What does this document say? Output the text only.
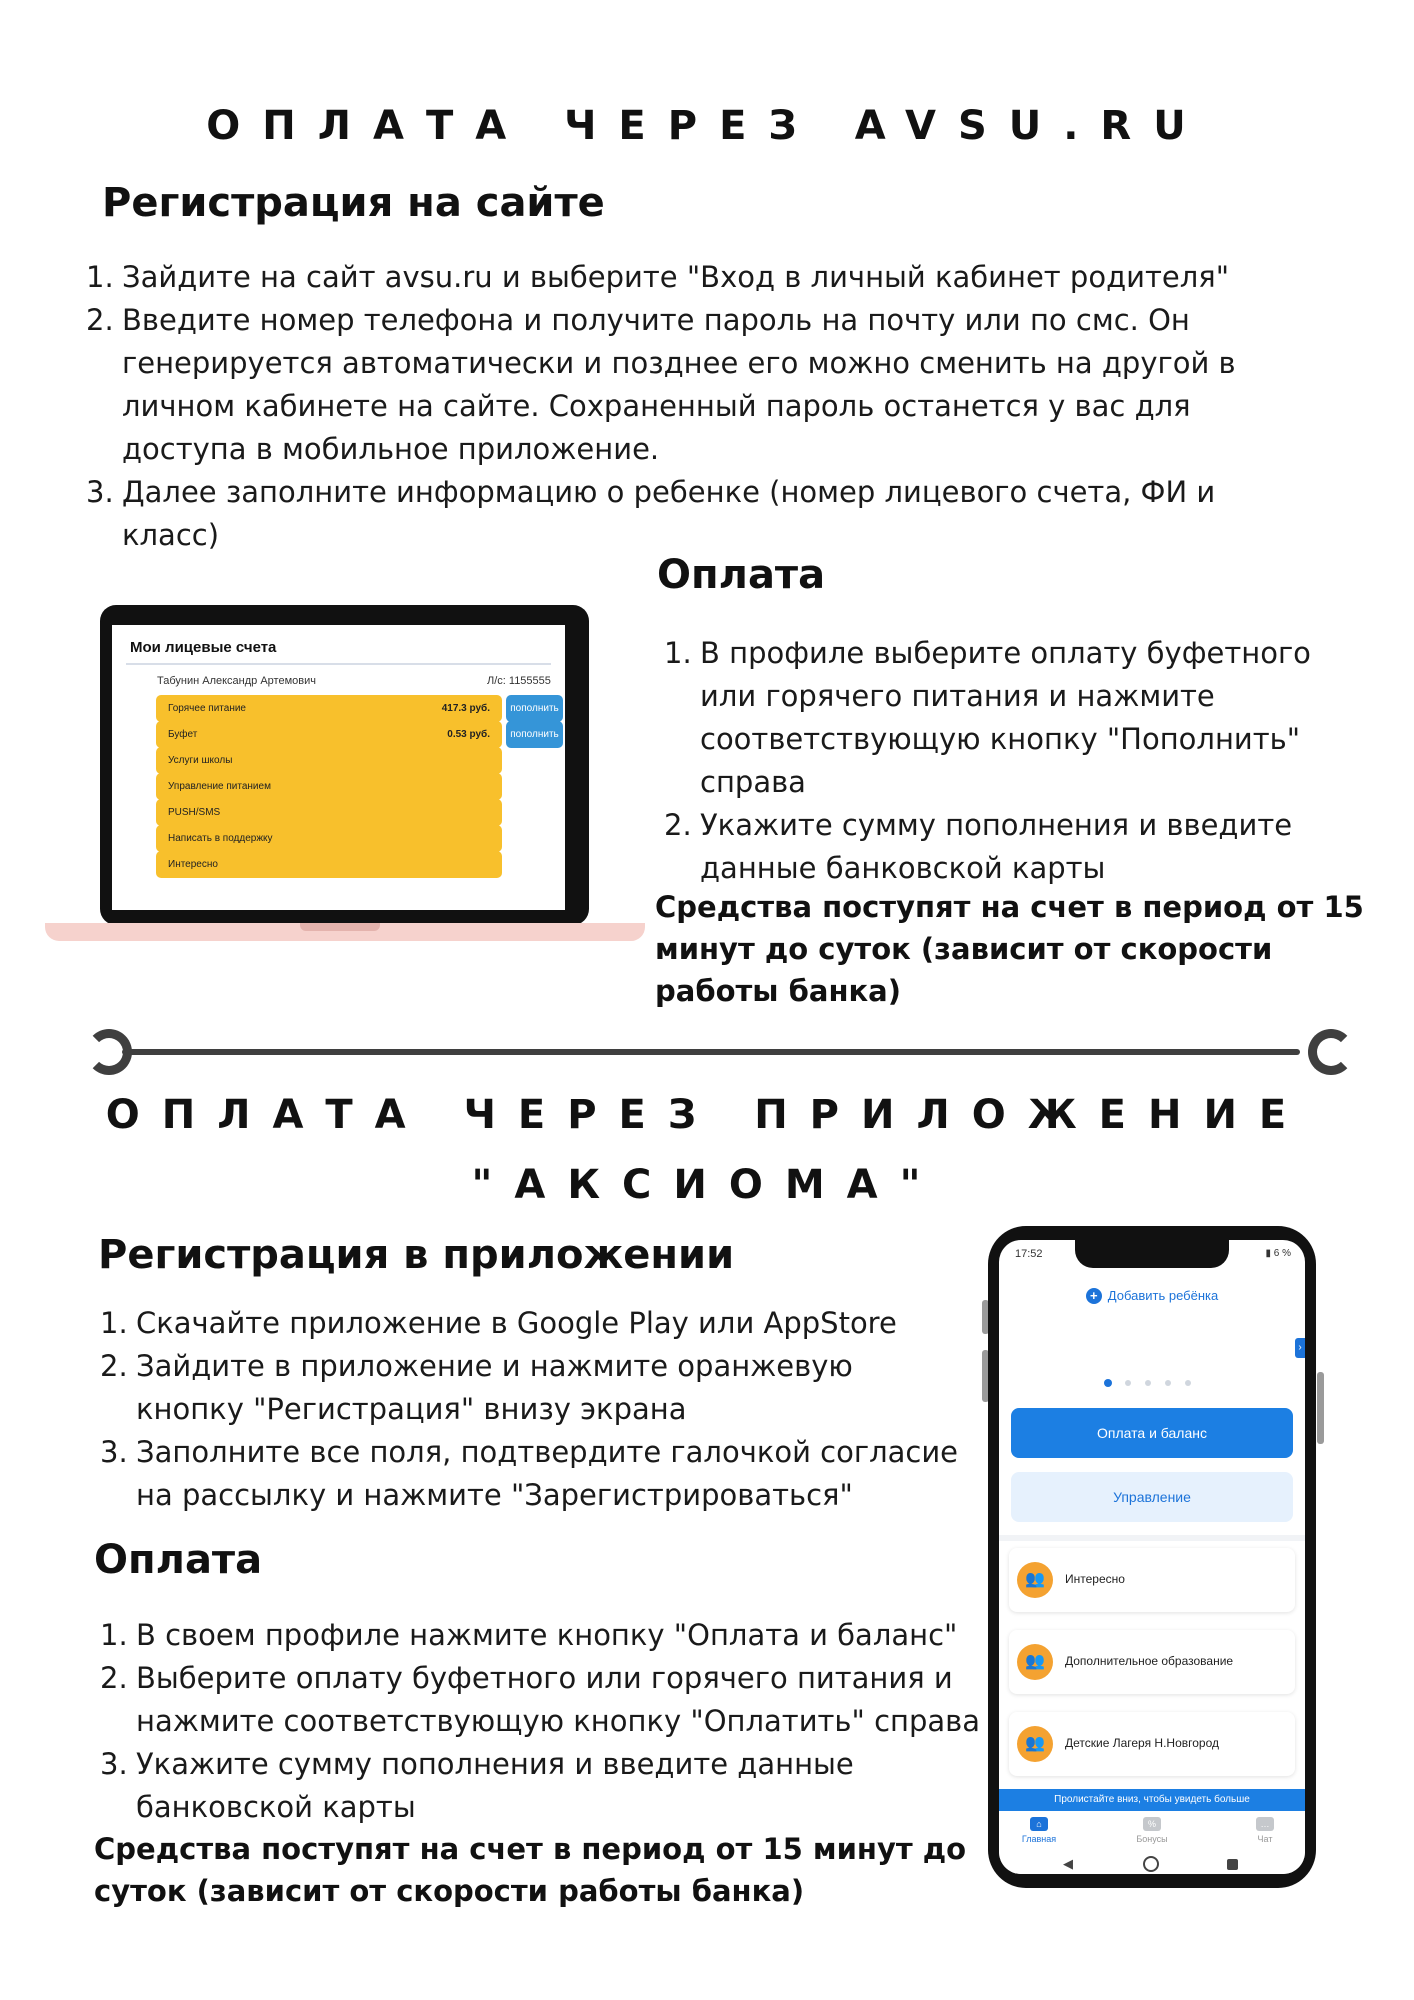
ОПЛАТА ЧЕРЕЗ AVSU.RU
Регистрация на сайте
1. Зайдите на сайт avsu.ru и выберите "Вход в личный кабинет родителя"
2. Введите номер телефона и получите пароль на почту или по смс. Он
генерируется автоматически и позднее его можно сменить на другой в
личном кабинете на сайте. Сохраненный пароль останется у вас для
доступа в мобильное приложение.
3. Далее заполните информацию о ребенке (номер лицевого счета, ФИ и
класс)
Оплата
1. В профиле выберите оплату буфетного
или горячего питания и нажмите
соответствующую кнопку "Пополнить"
справа
2. Укажите сумму пополнения и введите
данные банковской карты
Средства поступят на счет в период от 15
минут до суток (зависит от скорости
работы банка)
Мои лицевые счета
Табунин Александр Артемович	Л/с: 1155555
Горячее питание	417.3 руб.	пополнить
Буфет	0.53 руб.	пополнить
Услуги школы
Управление питанием
PUSH/SMS
Написать в поддержку
Интересно
ОПЛАТА ЧЕРЕЗ ПРИЛОЖЕНИЕ
"АКСИОМА"
Регистрация в приложении
1. Скачайте приложение в Google Play или AppStore
2. Зайдите в приложение и нажмите оранжевую
кнопку "Регистрация" внизу экрана
3. Заполните все поля, подтвердите галочкой согласие
на рассылку и нажмите "Зарегистрироваться"
Оплата
1. В своем профиле нажмите кнопку "Оплата и баланс"
2. Выберите оплату буфетного или горячего питания и
нажмите соответствующую кнопку "Оплатить" справа
3. Укажите сумму пополнения и введите данные
банковской карты
Средства поступят на счет в период от 15 минут до
суток (зависит от скорости работы банка)
17:52	▮ 6 %
+ Добавить ребёнка
›
Оплата и баланс
Управление
👥	Интересно
👥	Дополнительное образование
👥	Детские Лагеря Н.Новгород
Пролистайте вниз, чтобы увидеть больше
⌂
Главная
%
Бонусы
…
Чат
◀
